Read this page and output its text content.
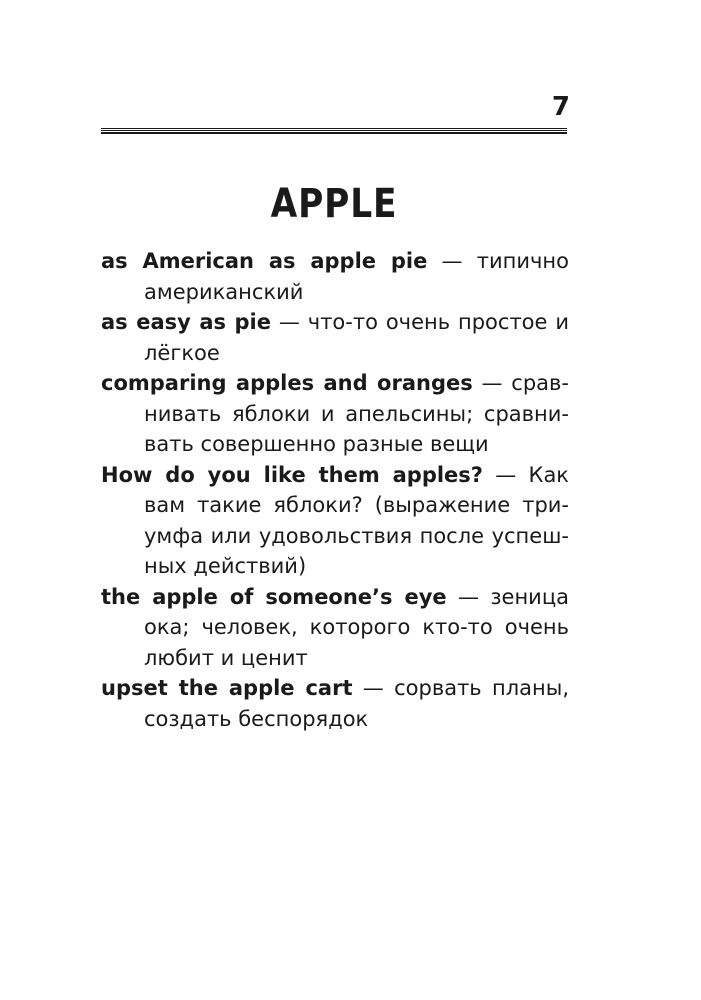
7
APPLE

as American as apple pie — типично американский

as easy as pie — что-то очень простое и лёгкое

comparing apples and oranges — сравнивать яблоки и апельсины; сравнивать совершенно разные вещи

How do you like them apples? — Как вам такие яблоки? (выражение триумфа или удовольствия после успешных действий)

the apple of someone’s eye — зеница ока; человек, которого кто-то очень любит и ценит

upset the apple cart — сорвать планы, создать беспорядок
